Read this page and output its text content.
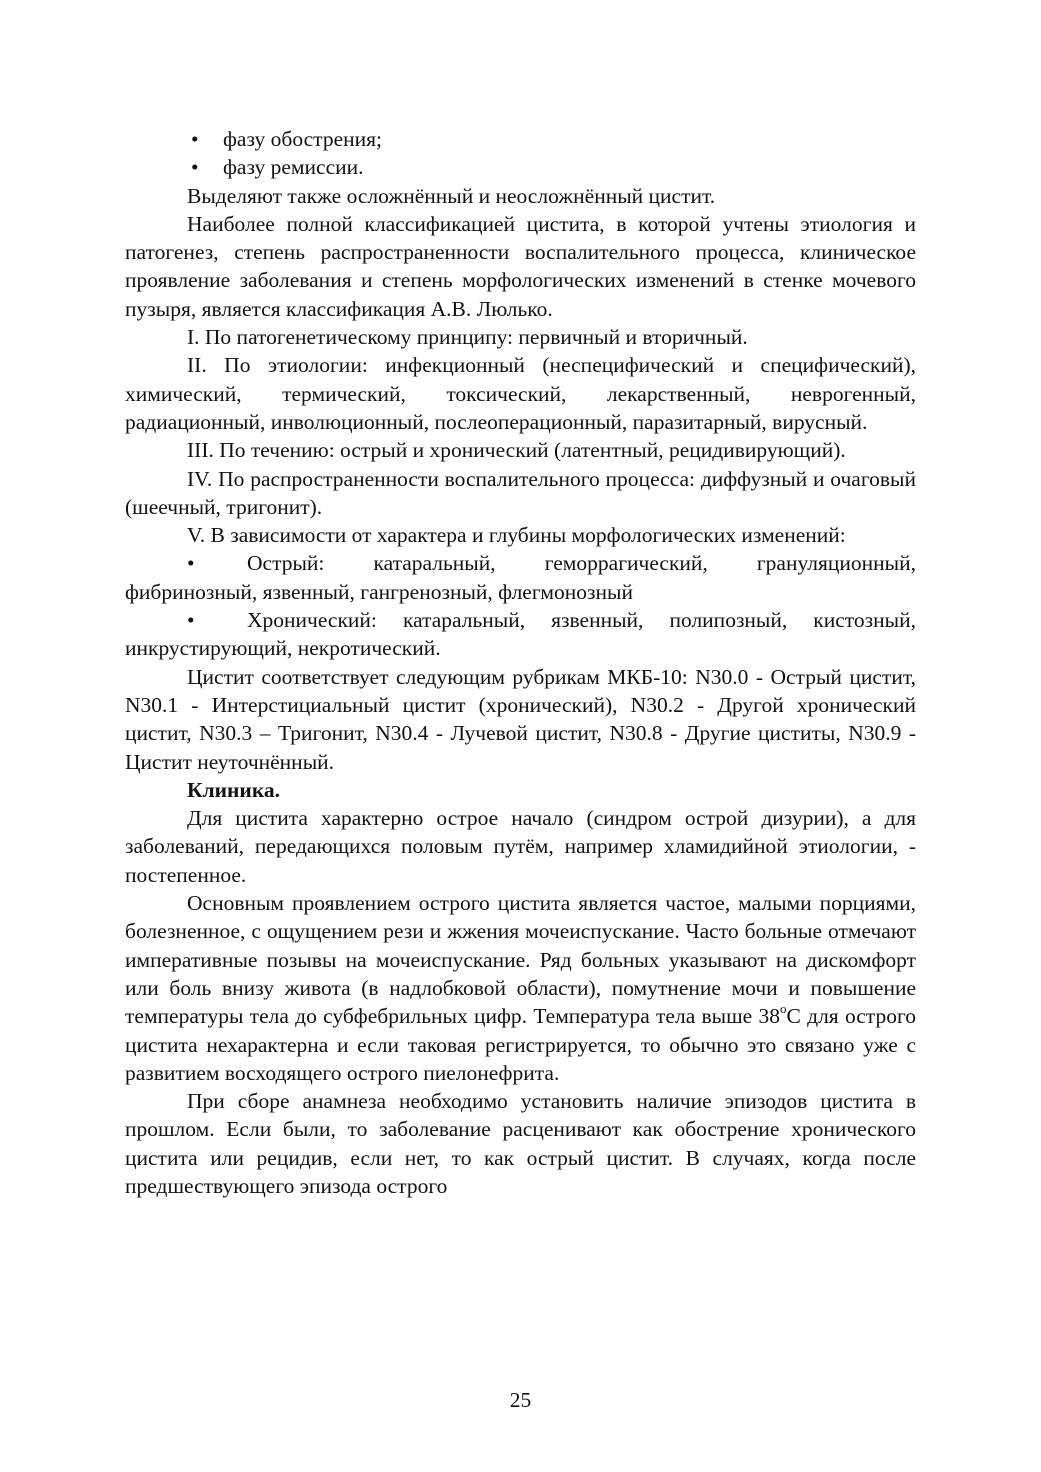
• фазу обострения;

• фазу ремиссии.

Выделяют также осложнённый и неосложнённый цистит.

Наиболее полной классификацией цистита, в которой учтены этиология и патогенез, степень распространенности воспалительного процесса, клиническое проявление заболевания и степень морфологических изменений в стенке мочевого пузыря, является классификация А.В. Люлько.

I. По патогенетическому принципу: первичный и вторичный.

II. По этиологии: инфекционный (неспецифический и специфический), химический, термический, токсический, лекарственный, неврогенный, радиационный, инволюционный, послеоперационный, паразитарный, вирусный.

III. По течению: острый и хронический (латентный, рецидивирующий).

IV. По распространенности воспалительного процесса: диффузный и очаговый (шеечный, тригонит).

V. В зависимости от характера и глубины морфологических изменений:

• Острый: катаральный, геморрагический, грануляционный, фибринозный, язвенный, гангренозный, флегмонозный

• Хронический: катаральный, язвенный, полипозный, кистозный, инкрустирующий, некротический.

Цистит соответствует следующим рубрикам МКБ-10: N30.0 - Острый цистит, N30.1 - Интерстициальный цистит (хронический), N30.2 - Другой хронический цистит, N30.3 – Тригонит, N30.4 - Лучевой цистит, N30.8 - Другие циститы, N30.9 - Цистит неуточнённый.

Клиника.

Для цистита характерно острое начало (синдром острой дизурии), а для заболеваний, передающихся половым путём, например хламидийной этиологии, - постепенное.

Основным проявлением острого цистита является частое, малыми порциями, болезненное, с ощущением рези и жжения мочеиспускание. Часто больные отмечают императивные позывы на мочеиспускание. Ряд больных указывают на дискомфорт или боль внизу живота (в надлобковой области), помутнение мочи и повышение температуры тела до субфебрильных цифр. Температура тела выше 38$^o$С для острого цистита нехарактерна и если таковая регистрируется, то обычно это связано уже с развитием восходящего острого пиелонефрита.

При сборе анамнеза необходимо установить наличие эпизодов цистита в прошлом. Если были, то заболевание расценивают как обострение хронического цистита или рецидив, если нет, то как острый цистит. В случаях, когда после предшествующего эпизода острого

25
